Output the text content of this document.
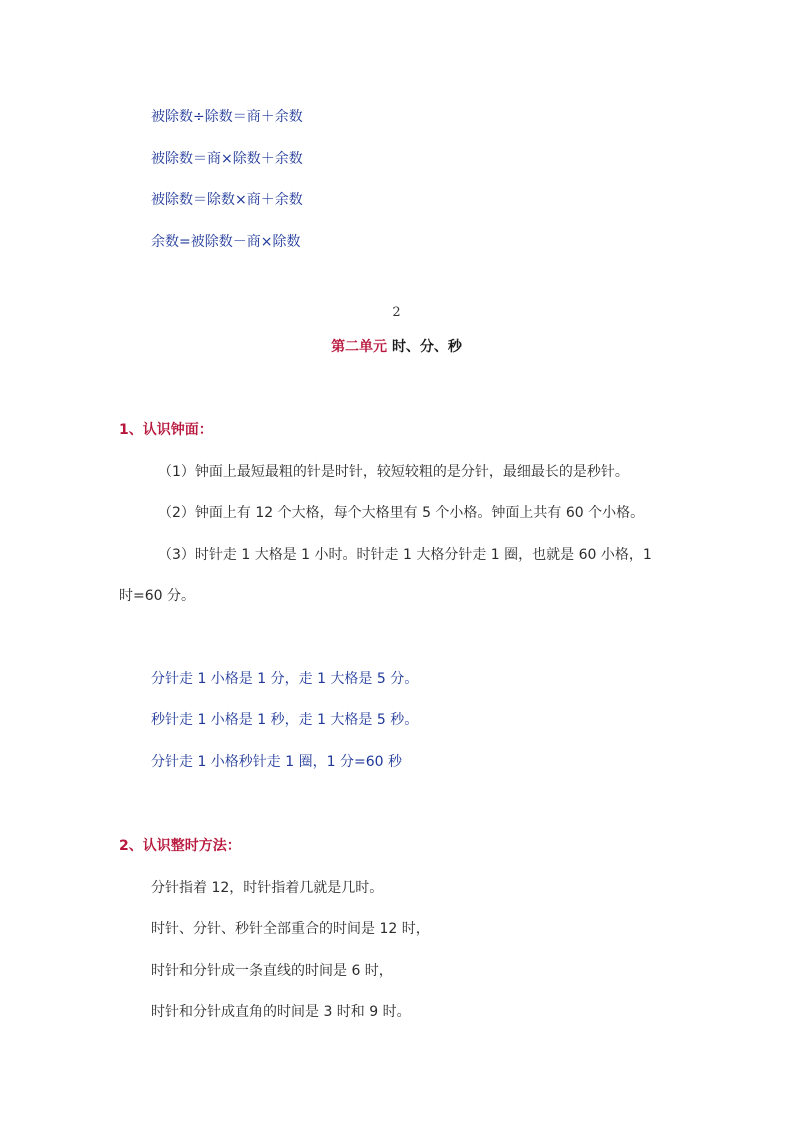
被除数÷除数＝商＋余数
被除数＝商×除数＋余数
被除数＝除数×商＋余数
余数=被除数－商×除数
2
第二单元 时、分、秒
1、认识钟面：
（1）钟面上最短最粗的针是时针，较短较粗的是分针，最细最长的是秒针。
（2）钟面上有 12 个大格，每个大格里有 5 个小格。钟面上共有 60 个小格。
（3）时针走 1 大格是 1 小时。时针走 1 大格分针走 1 圈，也就是 60 小格，1
时=60 分。
分针走 1 小格是 1 分，走 1 大格是 5 分。
秒针走 1 小格是 1 秒，走 1 大格是 5 秒。
分针走 1 小格秒针走 1 圈，1 分=60 秒
2、认识整时方法：
分针指着 12，时针指着几就是几时。
时针、分针、秒针全部重合的时间是 12 时，
时针和分针成一条直线的时间是 6 时，
时针和分针成直角的时间是 3 时和 9 时。
